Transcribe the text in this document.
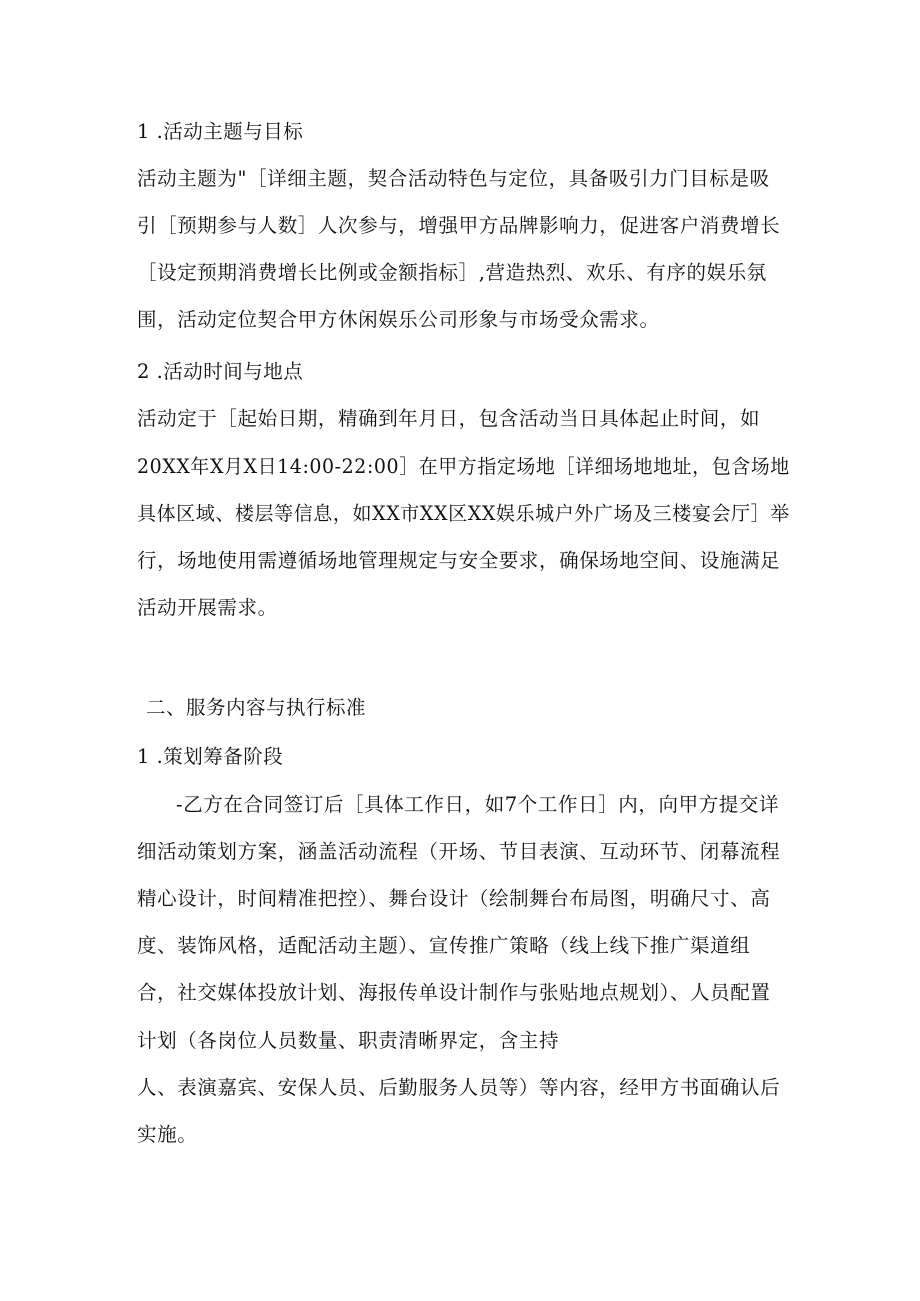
1 .活动主题与目标
活动主题为"［详细主题，契合活动特色与定位，具备吸引力门目标是吸
引［预期参与人数］人次参与，增强甲方品牌影响力，促进客户消费增长
［设定预期消费增长比例或金额指标］,营造热烈、欢乐、有序的娱乐氛
围，活动定位契合甲方休闲娱乐公司形象与市场受众需求。
2 .活动时间与地点
活动定于［起始日期，精确到年月日，包含活动当日具体起止时间，如
20XX年X月X日14:00-22:00］在甲方指定场地［详细场地地址，包含场地
具体区域、楼层等信息，如XX市XX区XX娱乐城户外广场及三楼宴会厅］举
行，场地使用需遵循场地管理规定与安全要求，确保场地空间、设施满足
活动开展需求。
二、服务内容与执行标准
1 .策划筹备阶段
-乙方在合同签订后［具体工作日，如7个工作日］内，向甲方提交详
细活动策划方案，涵盖活动流程（开场、节目表演、互动环节、闭幕流程
精心设计，时间精准把控）、舞台设计（绘制舞台布局图，明确尺寸、高
度、装饰风格，适配活动主题）、宣传推广策略（线上线下推广渠道组
合，社交媒体投放计划、海报传单设计制作与张贴地点规划）、人员配置
计划（各岗位人员数量、职责清晰界定，含主持
人、表演嘉宾、安保人员、后勤服务人员等）等内容，经甲方书面确认后
实施。
